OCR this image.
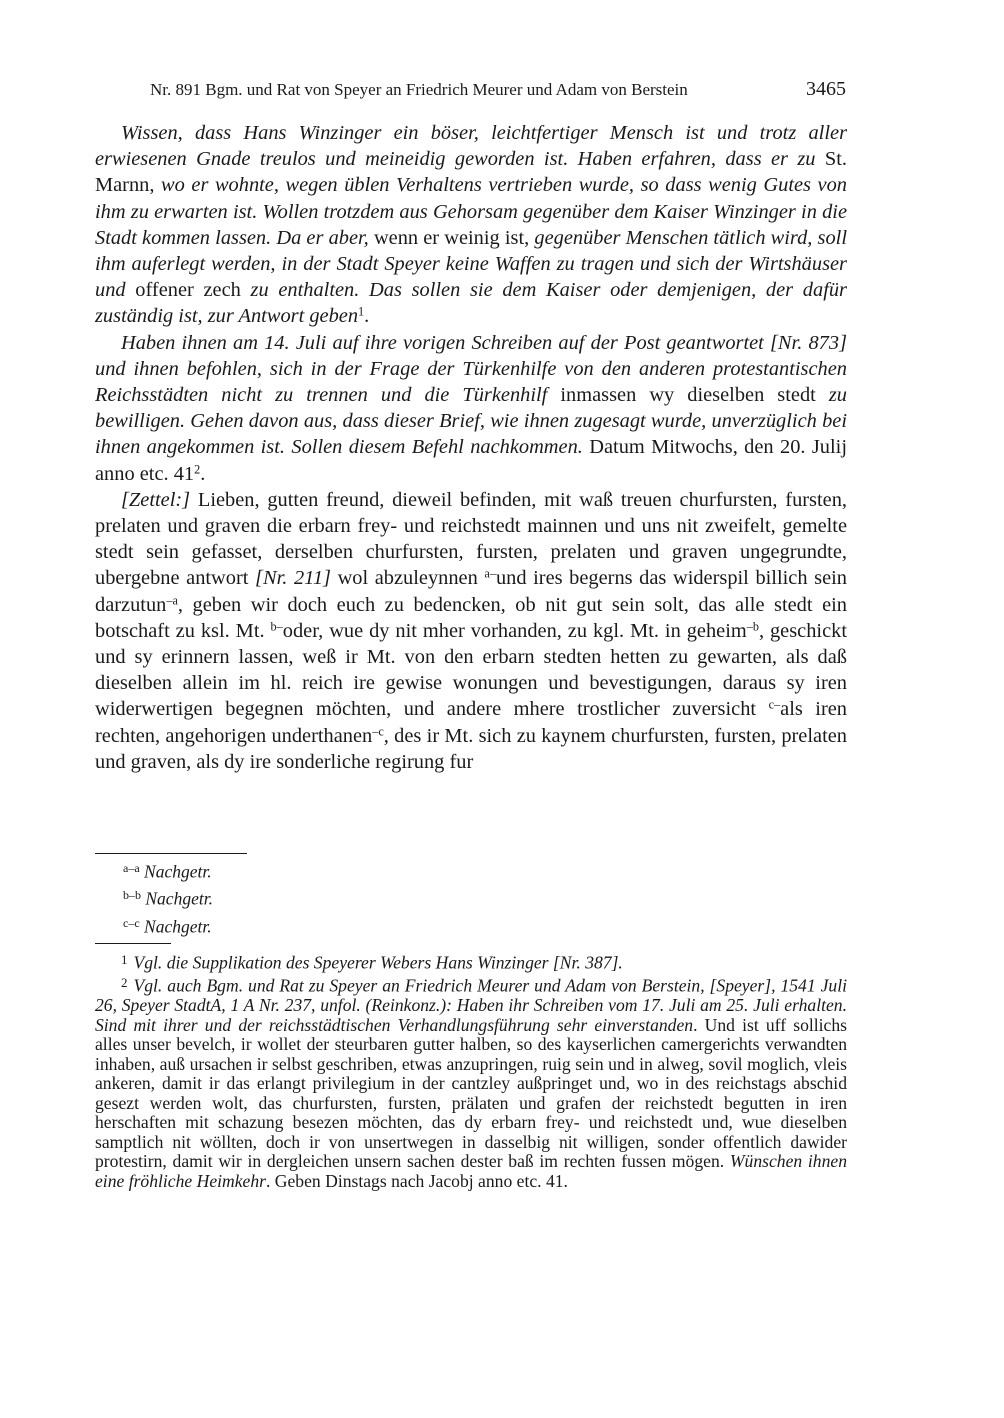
Nr. 891 Bgm. und Rat von Speyer an Friedrich Meurer und Adam von Berstein	3465

Wissen, dass Hans Winzinger ein böser, leichtfertiger Mensch ist und trotz aller erwiesenen Gnade treulos und meineidig geworden ist. Haben erfahren, dass er zu St. Marnn, wo er wohnte, wegen üblen Verhaltens vertrieben wurde, so dass wenig Gutes von ihm zu erwarten ist. Wollen trotzdem aus Gehorsam gegenüber dem Kaiser Winzinger in die Stadt kommen lassen. Da er aber, wenn er weinig ist, gegenüber Menschen tätlich wird, soll ihm auferlegt werden, in der Stadt Speyer keine Waffen zu tragen und sich der Wirtshäuser und offener zech zu enthalten. Das sollen sie dem Kaiser oder demjenigen, der dafür zuständig ist, zur Antwort geben$^1$.

Haben ihnen am 14. Juli auf ihre vorigen Schreiben auf der Post geantwortet [Nr. 873] und ihnen befohlen, sich in der Frage der Türkenhilfe von den anderen protestantischen Reichsstädten nicht zu trennen und die Türkenhilf inmassen wy dieselben stedt zu bewilligen. Gehen davon aus, dass dieser Brief, wie ihnen zugesagt wurde, unverzüglich bei ihnen angekommen ist. Sollen diesem Befehl nachkommen. Datum Mitwochs, den 20. Julij anno etc. $41^2$.

[Zettel:] Lieben, gutten freund, dieweil befinden, mit waß treuen churfursten, fursten, prelaten und graven die erbarn frey- und reichstedt mainnen und uns nit zweifelt, gemelte stedt sein gefasset, derselben churfursten, fursten, prelaten und graven ungegrundte, ubergebne antwort [Nr. 211] wol abzuleynnen $^{a-}$und ires begerns das widerspil billich sein darzutun$^{-a}$, geben wir doch euch zu bedencken, ob nit gut sein solt, das alle stedt ein botschaft zu ksl. Mt. $^{b-}$oder, wue dy nit mher vorhanden, zu kgl. Mt. in geheim$^{-b}$, geschickt und sy erinnern lassen, weß ir Mt. von den erbarn stedten hetten zu gewarten, als daß dieselben allein im hl. reich ire gewise wonungen und bevestigungen, daraus sy iren widerwertigen begegnen möchten, und andere mhere trostlicher zuversicht $^{c-}$als iren rechten, angehorigen underthanen$^{-c}$, des ir Mt. sich zu kaynem churfursten, fursten, prelaten und graven, als dy ire sonderliche regirung fur

$^{a-a}$ Nachgetr.
$^{b-b}$ Nachgetr.
$^{c-c}$ Nachgetr.

$^1$ Vgl. die Supplikation des Speyerer Webers Hans Winzinger [Nr. 387].

$^2$ Vgl. auch Bgm. und Rat zu Speyer an Friedrich Meurer und Adam von Berstein, [Speyer], 1541 Juli 26, Speyer StadtA, 1 A Nr. 237, unfol. (Reinkonz.): Haben ihr Schreiben vom 17. Juli am 25. Juli erhalten. Sind mit ihrer und der reichsstädtischen Verhandlungsführung sehr einverstanden. Und ist uff sollichs alles unser bevelch, ir wollet der steurbaren gutter halben, so des kayserlichen camergerichts verwandten inhaben, auß ursachen ir selbst geschriben, etwas anzupringen, ruig sein und in alweg, sovil moglich, vleis ankeren, damit ir das erlangt privilegium in der cantzley außpringet und, wo in des reichstags abschid gesezt werden wolt, das churfursten, fursten, prälaten und grafen der reichstedt begutten in iren herschaften mit schazung besezen möchten, das dy erbarn frey- und reichstedt und, wue dieselben samptlich nit wöllten, doch ir von unsertwegen in dasselbig nit willigen, sonder offentlich dawider protestirn, damit wir in dergleichen unsern sachen dester baß im rechten fussen mögen. Wünschen ihnen eine fröhliche Heimkehr. Geben Dinstags nach Jacobj anno etc. 41.
